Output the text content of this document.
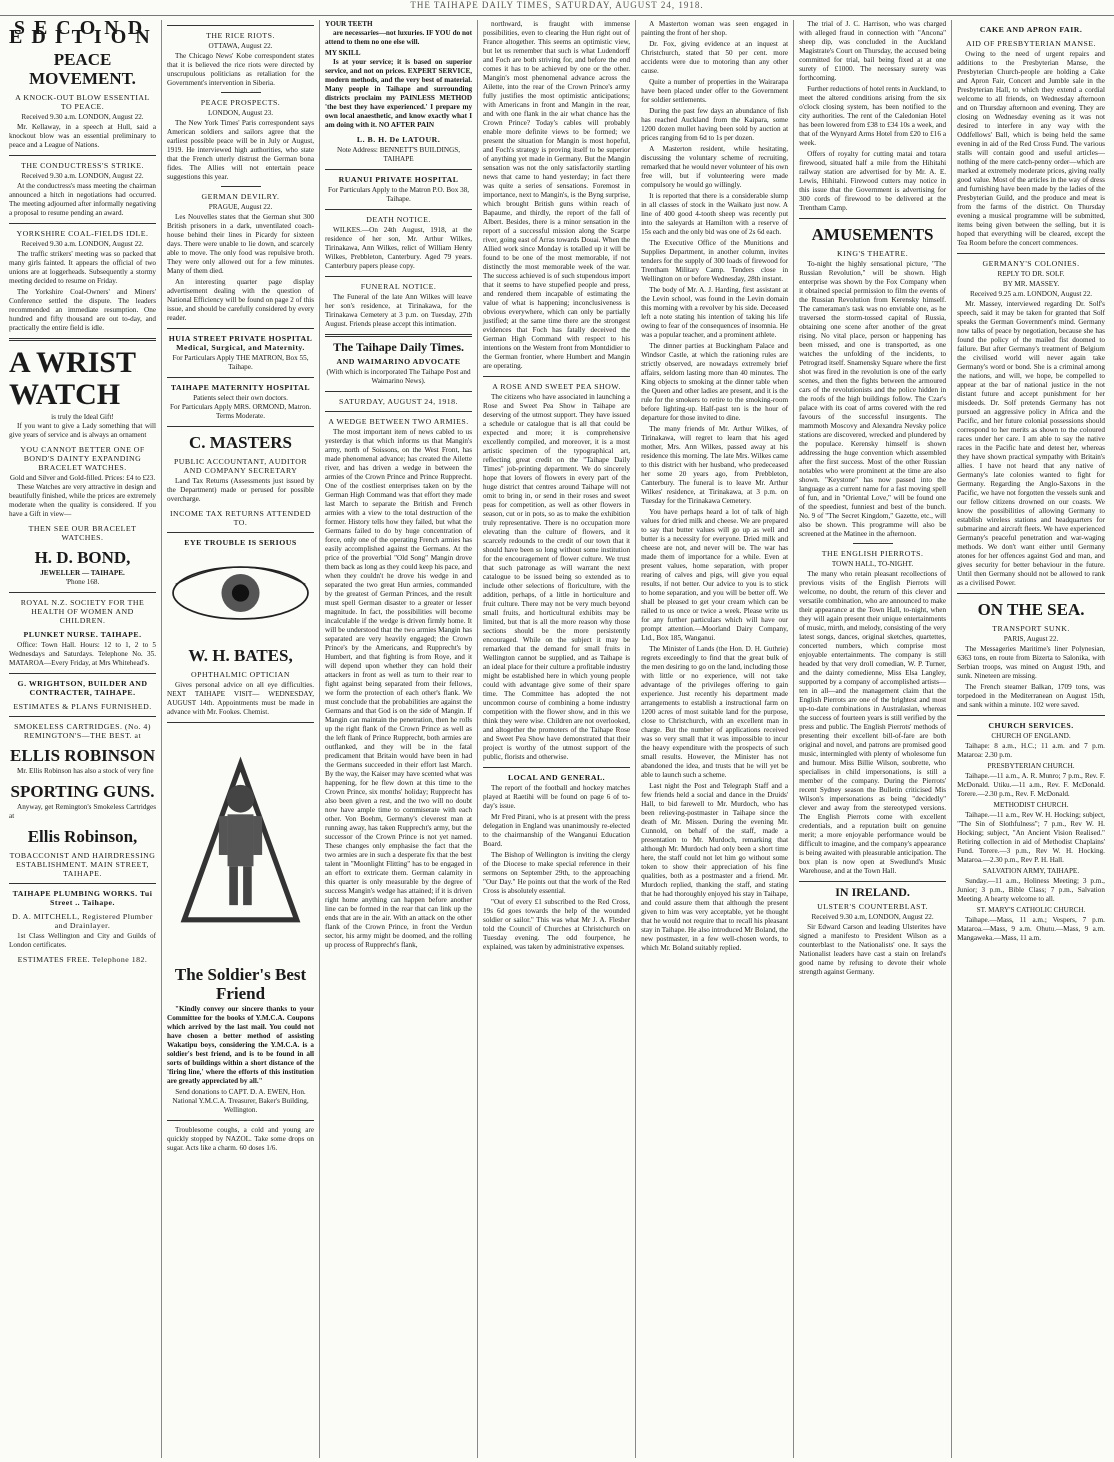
THE TAIHAPE DAILY TIMES, SATURDAY, AUGUST 24, 1918.
SECOND EDITION
PEACE MOVEMENT.
A KNOCK-OUT BLOW ESSENTIAL TO PEACE.
Received 9.30 a.m. LONDON, August 22.

Mr. Kellaway, in a speech at Hull, said a knockout blow was an essential preliminary to peace and a League of Nations.

THE CONDUCTRESS'S STRIKE.
Received 9.30 a.m. LONDON, August 22.

At the conductress's mass meeting the chairman announced a hitch in negotiations had occurred. The meeting adjourned after informally negativing a proposal to resume pending an award.

YORKSHIRE COAL-FIELDS IDLE.
Received 9.30 a.m. LONDON, August 22.

The traffic strikers' meeting was so packed that many girls fainted. It appears the official of two unions are at loggerheads. Subsequently a stormy meeting decided to resume on Friday.

The Yorkshire Coal-Owners' and Miners' Conference settled the dispute. The leaders recommended an immediate resumption. One hundred and fifty thousand are out to-day, and practically the entire field is idle.

A WRIST WATCH
is truly the Ideal Gift!

If you want to give a Lady something that will give years of service and is always an ornament

YOU CANNOT BETTER ONE OF BOND'S DAINTY EXPANDING BRACELET WATCHES.
Gold and Silver and Gold-filled. Prices: £4 to £23.

These Watches are very attractive in design and beautifully finished, while the prices are extremely moderate when the quality is considered. If you have a Gift in view—

THEN SEE OUR BRACELET WATCHES.
H. D. BOND,
JEWELLER — TAIHAPE.
'Phone 168.
ROYAL N.Z. SOCIETY FOR THE HEALTH OF WOMEN AND CHILDREN.
PLUNKET NURSE. TAIHAPE.

Office: Town Hall. Hours: 12 to 1, 2 to 5 Wednesdays and Saturdays. Telephone No. 35. MATAROA—Every Friday, at Mrs Whitehead's.

G. WRIGHTSON, BUILDER AND CONTRACTER, TAIHAPE.
ESTIMATES & PLANS FURNISHED.
SMOKELESS CARTRIDGES. (No. 4) REMINGTON'S—THE BEST. at
ELLIS ROBINSON

Mr. Ellis Robinson has also a stock of very fine

SPORTING GUNS.

Anyway, get Remington's Smokeless Cartridges at

Ellis Robinson,
TOBACCONIST AND HAIRDRESSING ESTABLISHMENT. MAIN STREET, TAIHAPE.
TAIHAPE PLUMBING WORKS. Tui Street .. Taihape.
D. A. MITCHELL, Registered Plumber and Drainlayer.

1st Class Wellington and City and Guilds of London certificates.

ESTIMATES FREE. Telephone 182.
THE RICE RIOTS.
OTTAWA, August 22.

The Chicago News' Kobe correspondent states that it is believed the rice riots were directed by unscrupulous politicians as retaliation for the Government's intervention in Siberia.

PEACE PROSPECTS.
LONDON, August 23.

The New York Times' Paris correspondent says American soldiers and sailors agree that the earliest possible peace will be in July or August, 1919. He interviewed high authorities, who state that the French utterly distrust the German bona fides. The Allies will not entertain peace suggestions this year.

GERMAN DEVILRY.
PRAGUE, August 22.

Les Nouvelles states that the German shut 300 British prisoners in a dark, unventilated coach-house behind their lines in Picardy for sixteen days. There were unable to lie down, and scarcely able to move. The only food was repulsive broth. They were only allowed out for a few minutes. Many of them died.

An interesting quarter page display advertisement dealing with the question of National Efficiency will be found on page 2 of this issue, and should be carefully considered by every reader.

HUIA STREET PRIVATE HOSPITAL Medical, Surgical, and Maternity.
For Particulars Apply THE MATRON, Box 55, Taihape.
TAIHAPE MATERNITY HOSPITAL
Patients select their own doctors.
For Particulars Apply MRS. ORMOND, Matron. Terms Moderate.
C. MASTERS
PUBLIC ACCOUNTANT, AUDITOR AND COMPANY SECRETARY

Land Tax Returns (Assessments just issued by the Department) made or perused for possible overcharge.

INCOME TAX RETURNS ATTENDED TO.
EYE TROUBLE IS SERIOUS
W. H. BATES,
OPHTHALMIC OPTICIAN

Gives personal advice on all eye difficulties. NEXT TAIHAPE VISIT— WEDNESDAY, AUGUST 14th. Appointments must be made in advance with Mr. Fookes. Chemist.

The Soldier's Best Friend

"Kindly convey our sincere thanks to your Committee for the books of Y.M.C.A. Coupons which arrived by the last mail. You could not have chosen a better method of assisting Wakatipu boys, considering the Y.M.C.A. is a soldier's best friend, and is to be found in all sorts of buildings within a short distance of the 'firing line,' where the efforts of this institution are greatly appreciated by all."

Send donations to CAPT. D. A. EWEN, Hon. National Y.M.C.A. Treasurer, Baker's Building, Wellington.

Troublesome coughs, a cold and young are quickly stopped by NAZOL. Take some drops on sugar. Acts like a charm. 60 doses 1/6.

YOUR TEETH

are necessaries—not luxuries. IF YOU do not attend to them no one else will.

MY SKILL

Is at your service; it is based on superior service, and not on prices. EXPERT SERVICE, modern methods, and the very best of material. Many people in Taihape and surrounding districts proclaim my PAINLESS METHOD 'the best they have experienced.' I prepare my own local anaesthetic, and know exactly what I am doing with it. NO AFTER PAIN

L. B. H. De LATOUR.
Note Address: BENNETT'S BUILDINGS, TAIHAPE
RUANUI PRIVATE HOSPITAL
For Particulars Apply to the Matron P.O. Box 38, Taihape.
DEATH NOTICE.

WILKES.—On 24th August, 1918, at the residence of her son, Mr. Arthur Wilkes, Tirinakawa, Ann Wilkes, relict of William Henry Wilkes, Prebbleton, Canterbury. Aged 79 years. Canterbury papers please copy.

FUNERAL NOTICE.

The Funeral of the late Ann Wilkes will leave her son's residence, at Tirinakawa, for the Tirinakawa Cemetery at 3 p.m. on Tuesday, 27th August. Friends please accept this intimation.

The Taihape Daily Times.
AND WAIMARINO ADVOCATE
(With which is incorporated The Taihape Post and Waimarino News).
SATURDAY, AUGUST 24, 1918.
A WEDGE BETWEEN TWO ARMIES.

The most important item of news cabled to us yesterday is that which informs us that Mangin's army, north of Soissons, on the West Front, has made phenomenal advance; has created the Ailette river, and has driven a wedge in between the armies of the Crown Prince and Prince Rupprecht. One of the costliest enterprises taken on by the German High Command was that effort they made last March to separate the British and French armies with a view to the total destruction of the former. History tells how they failed, but what the Germans failed to do by huge concentration of force, only one of the operating French armies has easily accomplished against the Germans. At the price of the proverbial "Old Song" Mangin drove them back as long as they could keep his pace, and when they couldn't he drove his wedge in and separated the two great Hun armies, commanded by the greatest of German Princes, and the result must spell German disaster to a greater or lesser magnitude. In fact, the possibilities will become incalculable if the wedge is driven firmly home. It will be understood that the two armies Mangin has separated are very heavily engaged; the Crown Prince's by the Americans, and Rupprecht's by Humbert, and that fighting is from Roye, and it will depend upon whether they can hold their attackers in front as well as turn to their rear to fight against being separated from their fellows, we form the protection of each other's flank. We must conclude that the probabilities are against the Germans and that God is on the side of Mangin. If Mangin can maintain the penetration, then he rolls up the right flank of the Crown Prince as well as the left flank of Prince Rupprecht, both armies are outflanked, and they will be in the fatal predicament that Britain would have been in had the Germans succeeded in their effort last March. By the way, the Kaiser may have scented what was happening, for he flew down at this time to the Crown Prince, six months' holiday; Rupprecht has also been given a rest, and the two will no doubt now have ample time to commiserate with each other. Von Boehm, Germany's cleverest man at running away, has taken Rupprecht's army, but the successor of the Crown Prince is not yet named. These changes only emphasise the fact that the two armies are in such a desperate fix that the best talent in "Moonlight Flitting" has to be engaged in an effort to extricate them. German calamity in this quarter is only measurable by the degree of success Mangin's wedge has attained; if it is driven right home anything can happen before another line can be formed in the rear that can link up the ends that are in the air. With an attack on the other flank of the Crown Prince, in front the Verdun sector, his army might be doomed, and the rolling up process of Rupprecht's flank,

northward, is fraught with immense possibilities, even to clearing the Hun right out of France altogether. This seems an optimistic view, but let us remember that such is what Ludendorff and Foch are both striving for, and before the end comes it has to be achieved by one or the other. Mangin's most phenomenal advance across the Ailette, into the rear of the Crown Prince's army fully justifies the most optimistic anticipations; with Americans in front and Mangin in the rear, and with one flank in the air what chance has the Crown Prince? Today's cables will probably enable more definite views to be formed; we present the situation for Mangin is most hopeful, and Foch's strategy is proving itself to be superior of anything yet made in Germany. But the Mangin sensation was not the only satisfactorily startling news that came to hand yesterday; in fact there was quite a series of sensations. Foremost in importance, next to Mangin's, is the Byng surprise, which brought British guns within reach of Bapaume, and thirdly, the report of the fall of Albert. Besides, there is a minor sensation in the report of a successful mission along the Scarpe river, going east of Arras towards Douai. When the Allied work since Monday is totalled up it will be found to be one of the most memorable, if not distinctly the most memorable week of the war. The success achieved is of such stupendous import that it seems to have stupefied people and press, and rendered them incapable of estimating the value of what is happening; inconclusiveness is obvious everywhere, which can only be partially justified; at the same time there are the strongest evidences that Foch has fatally deceived the German High Command with respect to his intentions on the Western front from Montdidier to the German frontier, where Humbert and Mangin are operating.

A ROSE AND SWEET PEA SHOW.

The citizens who have associated in launching a Rose and Sweet Pea Show in Taihape are deserving of the utmost support. They have issued a schedule or catalogue that is all that could be expected and more; it is comprehensive excellently compiled, and moreover, it is a most artistic specimen of the typographical art, reflecting great credit on the "Taihape Daily Times" job-printing department. We do sincerely hope that lovers of flowers in every part of the huge district that centres around Taihape will not omit to bring in, or send in their roses and sweet peas for competition, as well as other flowers in season, cut or in pots, so as to make the exhibition truly representative. There is no occupation more elevating than the culture of flowers, and it scarcely redounds to the credit of our town that it should have been so long without some institution for the encouragement of flower culture. We trust that such patronage as will warrant the next catalogue to be issued being so extended as to include other selections of floriculture, with the addition, perhaps, of a little in horticulture and fruit culture. There may not be very much beyond small fruits, and horticultural exhibits may be limited, but that is all the more reason why those sections should be the more persistently encouraged. While on the subject it may be remarked that the demand for small fruits in Wellington cannot be supplied, and as Taihape is an ideal place for their culture a profitable industry might be established here in which young people could with advantage give some of their spare time. The Committee has adopted the not uncommon course of combining a home industry competition with the flower show, and in this we think they were wise. Children are not overlooked, and altogether the promoters of the Taihape Rose and Sweet Pea Show have demonstrated that their project is worthy of the utmost support of the public, florists and otherwise.

LOCAL AND GENERAL.

The report of the football and hockey matches played at Raetihi will be found on page 6 of to-day's issue.

Mr Fred Pirani, who is at present with the press delegation in England was unanimously re-elected to the chairmanship of the Wanganui Education Board.

The Bishop of Wellington is inviting the clergy of the Diocese to make special reference in their sermons on September 29th, to the approaching "Our Day." He points out that the work of the Red Cross is absolutely essential.

"Out of every £1 subscribed to the Red Cross, 19s 6d goes towards the help of the wounded soldier or sailor." This was what Mr J. A. Flesher told the Council of Churches at Christchurch on Tuesday evening. The odd fourpence, he explained, was taken by administrative expenses.

A Masterton woman was seen engaged in painting the front of her shop.

Dr. Fox, giving evidence at an inquest at Christchurch, stated that 50 per cent. more accidents were due to motoring than any other cause.

Quite a number of properties in the Wairarapa have been placed under offer to the Government for soldier settlements.

During the past few days an abundance of fish has reached Auckland from the Kaipara, some 1200 dozen mullet having been sold by auction at prices ranging from 6d to 1s per dozen.

A Masterton resident, while hesitating, discussing the voluntary scheme of recruiting, remarked that he would never volunteer of his own free will, but if volunteering were made compulsory he would go willingly.

It is reported that there is a considerable slump in all classes of stock in the Waikato just now. A line of 400 good 4-tooth sheep was recently put into the saleyards at Hamilton with a reserve of 15s each and the only bid was one of 2s 6d each.

The Executive Office of the Munitions and Supplies Department, in another column, invites tenders for the supply of 300 loads of firewood for Trentham Military Camp. Tenders close in Wellington on or before Wednesday, 28th instant.

The body of Mr. A. J. Harding, first assistant at the Levin school, was found in the Levin domain this morning with a revolver by his side. Deceased left a note stating his intention of taking his life owing to fear of the consequences of insomnia. He was a popular teacher, and a prominent athlete.

The dinner parties at Buckingham Palace and Windsor Castle, at which the rationing rules are strictly observed, are nowadays extremely brief affairs, seldom lasting more than 40 minutes. The King objects to smoking at the dinner table when the Queen and other ladies are present, and it is the rule for the smokers to retire to the smoking-room before lighting-up. Half-past ten is the hour of departure for those invited to dine.

The many friends of Mr. Arthur Wilkes, of Tirinakawa, will regret to learn that his aged mother, Mrs. Ann Wilkes, passed away at his residence this morning. The late Mrs. Wilkes came to this district with her husband, who predeceased her some 20 years ago, from Prebbleton, Canterbury. The funeral is to leave Mr. Arthur Wilkes' residence, at Tirinakawa, at 3 p.m. on Tuesday for the Tirinakawa Cemetery.

You have perhaps heard a lot of talk of high values for dried milk and cheese. We are prepared to say that butter values will go up as well and butter is a necessity for everyone. Dried milk and cheese are not, and never will be. The war has made them of importance for a while. Even at present values, home separation, with proper rearing of calves and pigs, will give you equal results, if not better. Our advice to you is to stick to home separation, and you will be better off. We shall be pleased to get your cream which can be railed to us once or twice a week. Please write us for any further particulars which will have our prompt attention.—Moorland Dairy Company, Ltd., Box 185, Wanganui.

The Minister of Lands (the Hon. D. H. Guthrie) regrets exceedingly to find that the great bulk of the men desiring to go on the land, including those with little or no experience, will not take advantage of the privileges offering to gain experience. Just recently his department made arrangements to establish a instructional farm on 1200 acres of most suitable land for the purpose, close to Christchurch, with an excellent man in charge. But the number of applications received was so very small that it was impossible to incur the heavy expenditure with the prospects of such small results. However, the Minister has not abandoned the idea, and trusts that he will yet be able to launch such a scheme.

Last night the Post and Telegraph Staff and a few friends held a social and dance in the Druids' Hall, to bid farewell to Mr. Murdoch, who has been relieving-postmaster in Taihape since the death of Mr. Missen. During the evening Mr. Cunnold, on behalf of the staff, made a presentation to Mr. Murdoch, remarking that although Mr. Murdoch had only been a short time here, the staff could not let him go without some token to show their appreciation of his fine qualities, both as a postmaster and a friend. Mr. Murdoch replied, thanking the staff, and stating that he had thoroughly enjoyed his stay in Taihape, and could assure them that although the present given to him was very acceptable, yet he thought that he would not require that to recall his pleasant stay in Taihape. He also introduced Mr Boland, the new postmaster, in a few well-chosen words, to which Mr. Boland suitably replied.

The trial of J. C. Harrison, who was charged with alleged fraud in connection with "Ancona" sheep dip, was concluded in the Auckland Magistrate's Court on Thursday, the accused being committed for trial, bail being fixed at at one surety of £1000. The necessary surety was forthcoming.

Further reductions of hotel rents in Auckland, to meet the altered conditions arising from the six o'clock closing system, has been notified to the city authorities. The rent of the Caledonian Hotel has been lowered from £38 to £34 10s a week, and that of the Wynyard Arms Hotel from £20 to £16 a week.

Offers of royalty for cutting matai and totara firewood, situated half a mile from the Hihitahi railway station are advertised for by Mr. A. E. Lewis, Hihitahi. Firewood cutters may notice in this issue that the Government is advertising for 300 cords of firewood to be delivered at the Trentham Camp.

AMUSEMENTS
KING'S THEATRE.

To-night the highly sensational picture, "The Russian Revolution," will be shown. High enterprise was shown by the Fox Company when it obtained special permission to film the events of the Russian Revolution from Kerensky himself. The cameraman's task was no enviable one, as he traversed the storm-tossed capital of Russia, obtaining one scene after another of the great rising. No vital place, person or happening has been missed, and one is transported, as one watches the unfolding of the incidents, to Petrograd itself. Snamensky Square where the first shot was fired in the revolution is one of the early scenes, and then the fights between the armoured cars of the revolutionists and the police hidden in the roofs of the high buildings follow. The Czar's palace with its coat of arms covered with the red favours of the successful insurgents. The mammoth Moscovy and Alexandra Nevsky police stations are discovered, wrecked and plundered by the populace. Kerensky himself is shown addressing the huge convention which assembled after the first success. Most of the other Russian notables who were prominent at the time are also shown. "Keystone" has now passed into the language as a current name for a fast moving spell of fun, and in "Oriental Love," will be found one of the speediest, funniest and best of the bunch. No. 9 of "The Secret Kingdom," Gazette, etc., will also be shown. This programme will also be screened at the Matinee in the afternoon.

THE ENGLISH PIERROTS.
TOWN HALL, TO-NIGHT.

The many who retain pleasant recollections of previous visits of the English Pierrots will welcome, no doubt, the return of this clever and versatile combination, who are announced to make their appearance at the Town Hall, to-night, when they will again present their unique entertainments of music, mirth, and melody, consisting of the very latest songs, dances, original sketches, quartettes, concerted numbers, which comprise most enjoyable entertainments. The company is still headed by that very droll comedian, W. P. Turner, and the dainty comedienne, Miss Elsa Langley, supported by a company of accomplished artists—ten in all—and the management claim that the English Pierrots are one of the brightest and most up-to-date combinations in Australasian, whereas the success of fourteen years is still verified by the press and public. The English Pierrots' methods of presenting their excellent bill-of-fare are both original and novel, and patrons are promised good music, intermingled with plenty of wholesome fun and humour. Miss Billie Wilson, soubrette, who specialises in child impersonations, is still a member of the company. During the Pierrots' recent Sydney season the Bulletin criticised Mis Wilson's impersonations as being "decidedly" clever and away from the stereotyped versions. The English Pierrots come with excellent credentials, and a reputation built on genuine merit; a more enjoyable performance would be difficult to imagine, and the company's appearance is being awaited with pleasurable anticipation. The box plan is now open at Swedlund's Music Warehouse, and at the Town Hall.

IN IRELAND.
ULSTER'S COUNTERBLAST.
Received 9.30 a.m, LONDON, August 22.

Sir Edward Carson and leading Ulsterites have signed a manifesto to President Wilson as a counterblast to the Nationalists' one. It says the Nationalist leaders have cast a stain on Ireland's good name by refusing to devote their whole strength against Germany.

CAKE AND APRON FAIR.
AID OF PRESBYTERIAN MANSE.

Owing to the need of urgent repairs and additions to the Presbyterian Manse, the Presbyterian Church-people are holding a Cake and Apron Fair, Concert and Jumble sale in the Presbyterian Hall, to which they extend a cordial welcome to all friends, on Wednesday afternoon and on Thursday afternoon and evening. They are closing on Wednesday evening as it was not desired to interfere in any way with the Oddfellows' Ball, which is being held the same evening in aid of the Red Cross Fund. The various stalls will contain good and useful articles—nothing of the mere catch-penny order—which are marked at extremely moderate prices, giving really good value. Most of the articles in the way of dress and furnishing have been made by the ladies of the Presbyterian Guild, and the produce and meat is from the farms of the district. On Thursday evening a musical programme will be submitted, items being given between the selling, but it is hoped that everything will be cleared, except the Tea Room before the concert commences.

GERMANY'S COLONIES.
REPLY TO DR. SOLF.
BY MR. MASSEY.
Received 9.25 a.m. LONDON, August 22.

Mr. Massey, interviewed regarding Dr. Solf's speech, said it may be taken for granted that Solf speaks the German Government's mind. Germany now talks of peace by negotiation, because she has found the policy of the mailed fist doomed to failure. But after Germany's treatment of Belgium the civilised world will never again take Germany's word or bond. She is a criminal among the nations, and will, we hope, be compelled to appear at the bar of national justice in the not distant future and accept punishment for her misdeeds. Dr. Solf pretends Germany has not pursued an aggressive policy in Africa and the Pacific, and her future colonial possessions should correspond to her merits as shown to the coloured races under her care. I am able to say the native races in the Pacific hate and detest her, whereas they have shown practical sympathy with Britain's allies. I have not heard that any native of Germany's late colonies wanted to fight for Germany. Regarding the Anglo-Saxons in the Pacific, we have not forgotten the vessels sunk and our fellow citizens drowned on our coasts. We know the possibilities of allowing Germany to establish wireless stations and headquarters for submarine and aircraft fleets. We have experienced Germany's peaceful penetration and war-waging methods. We don't want either until Germany atones for her offences against God and man, and gives security for better behaviour in the future. Until then Germany should not be allowed to rank as a civilised Power.

ON THE SEA.
TRANSPORT SUNK.
PARIS, August 22.

The Messageries Maritime's liner Polynesian, 6363 tons, en route from Bizerta to Salonika, with Serbian troops, was mined on August 19th, and sunk. Nineteen are missing.

The French steamer Balkan, 1709 tons, was torpedoed in the Mediterranean on August 15th, and sank within a minute. 102 were saved.

CHURCH SERVICES.
CHURCH OF ENGLAND.

Taihape: 8 a.m., H.C.; 11 a.m. and 7 p.m. Mataroa: 2.30 p.m.

PRESBYTERIAN CHURCH.

Taihape.—11 a.m., A. R. Munro; 7 p.m., Rev. F. McDonald. Utiku.—11 a.m., Rev. F. McDonald. Torere.—2.30 p.m., Rev. F. McDonald.

METHODIST CHURCH.

Taihape.—11 a.m., Rev W. H. Hocking; subject, "The Sin of Slothfulness"; 7 p.m., Rev W. H. Hocking; subject, "An Ancient Vision Realised." Retiring collection in aid of Methodist Chaplains' Fund. Torere.—3 p.m., Rev W. H. Hocking. Mataroa.—2.30 p.m., Rev P. H. Hall.

SALVATION ARMY, TAIHAPE.

Sunday.—11 a.m., Holiness Meeting; 3 p.m., Junior; 3 p.m., Bible Class; 7 p.m., Salvation Meeting. A hearty welcome to all.

ST. MARY'S CATHOLIC CHURCH.

Taihape.—Mass, 11 a.m.; Vespers, 7 p.m. Mataroa.—Mass, 9 a.m. Ohutu.—Mass, 9 a.m. Mangaweka.—Mass, 11 a.m.
